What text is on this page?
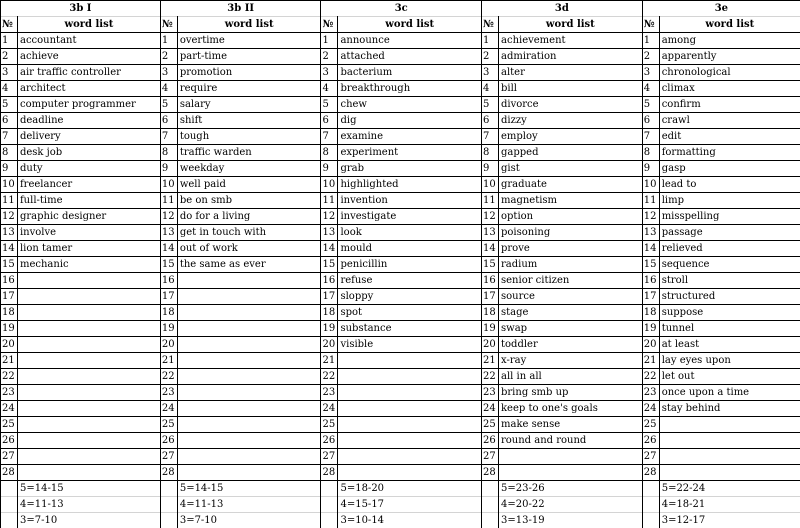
3b I		3b II		3c		3d		3e	
№	word list	№	word list	№	word list	№	word list	№	word list
1	accountant	1	overtime	1	announce	1	achievement	1	among
2	achieve	2	part-time	2	attached	2	admiration	2	apparently
3	air traffic controller	3	promotion	3	bacterium	3	alter	3	chronological
4	architect	4	require	4	breakthrough	4	bill	4	climax
5	computer programmer	5	salary	5	chew	5	divorce	5	confirm
6	deadline	6	shift	6	dig	6	dizzy	6	crawl
7	delivery	7	tough	7	examine	7	employ	7	edit
8	desk job	8	traffic warden	8	experiment	8	gapped	8	formatting
9	duty	9	weekday	9	grab	9	gist	9	gasp
10	freelancer	10	well paid	10	highlighted	10	graduate	10	lead to
11	full-time	11	be on smb	11	invention	11	magnetism	11	limp
12	graphic designer	12	do for a living	12	investigate	12	option	12	misspelling
13	involve	13	get in touch with	13	look	13	poisoning	13	passage
14	lion tamer	14	out of work	14	mould	14	prove	14	relieved
15	mechanic	15	the same as ever	15	penicillin	15	radium	15	sequence
16		16		16	refuse	16	senior citizen	16	stroll
17		17		17	sloppy	17	source	17	structured
18		18		18	spot	18	stage	18	suppose
19		19		19	substance	19	swap	19	tunnel
20		20		20	visible	20	toddler	20	at least
21		21		21		21	x-ray	21	lay eyes upon
22		22		22		22	all in all	22	let out
23		23		23		23	bring smb up	23	once upon a time
24		24		24		24	keep to one's goals	24	stay behind
25		25		25		25	make sense	25	
26		26		26		26	round and round	26	
27		27		27		27		27	
28		28		28		28		28	
	5=14-15		5=14-15		5=18-20		5=23-26		5=22-24
	4=11-13		4=11-13		4=15-17		4=20-22		4=18-21
	3=7-10		3=7-10		3=10-14		3=13-19		3=12-17
